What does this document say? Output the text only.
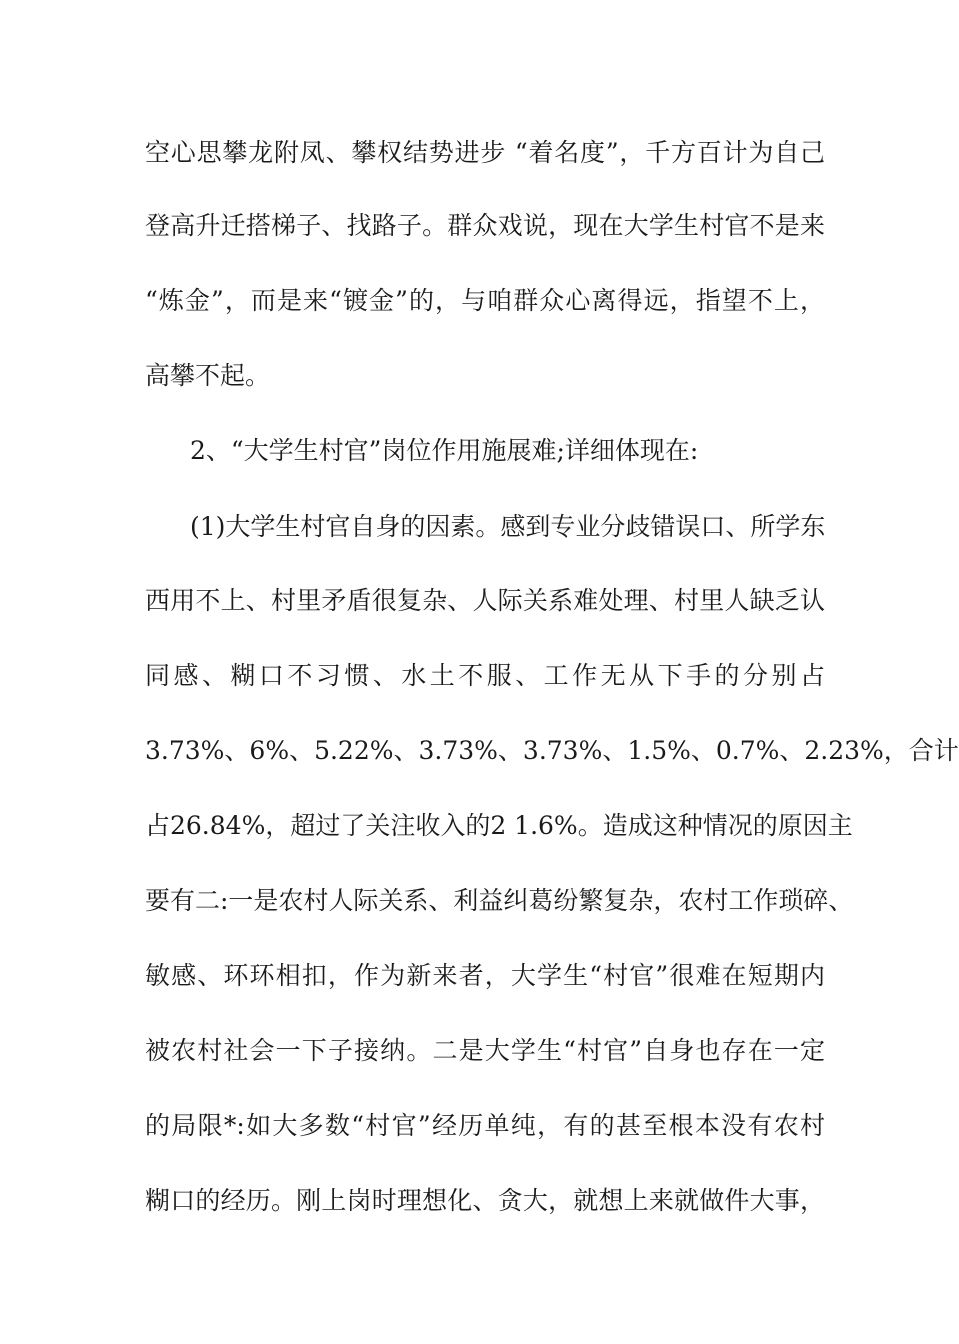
空心思攀龙附凤、攀权结势进步 “着名度”，千方百计为自己
登高升迁搭梯子、找路子。群众戏说，现在大学生村官不是来
“炼金”，而是来“镀金”的，与咱群众心离得远，指望不上，
高攀不起。
2、“大学生村官”岗位作用施展难;详细体现在:
(1)大学生村官自身的因素。感到专业分歧错误口、所学东
西用不上、村里矛盾很复杂、人际关系难处理、村里人缺乏认
同感、糊口不习惯、水土不服、工作无从下手的分别占
3.73%、6%、5.22%、3.73%、3.73%、1.5%、0.7%、2.23%，合计
占26.84%，超过了关注收入的2 1.6%。造成这种情况的原因主
要有二:一是农村人际关系、利益纠葛纷繁复杂，农村工作琐碎、
敏感、环环相扣，作为新来者，大学生“村官”很难在短期内
被农村社会一下子接纳。二是大学生“村官”自身也存在一定
的局限*:如大多数“村官”经历单纯，有的甚至根本没有农村
糊口的经历。刚上岗时理想化、贪大，就想上来就做件大事，
